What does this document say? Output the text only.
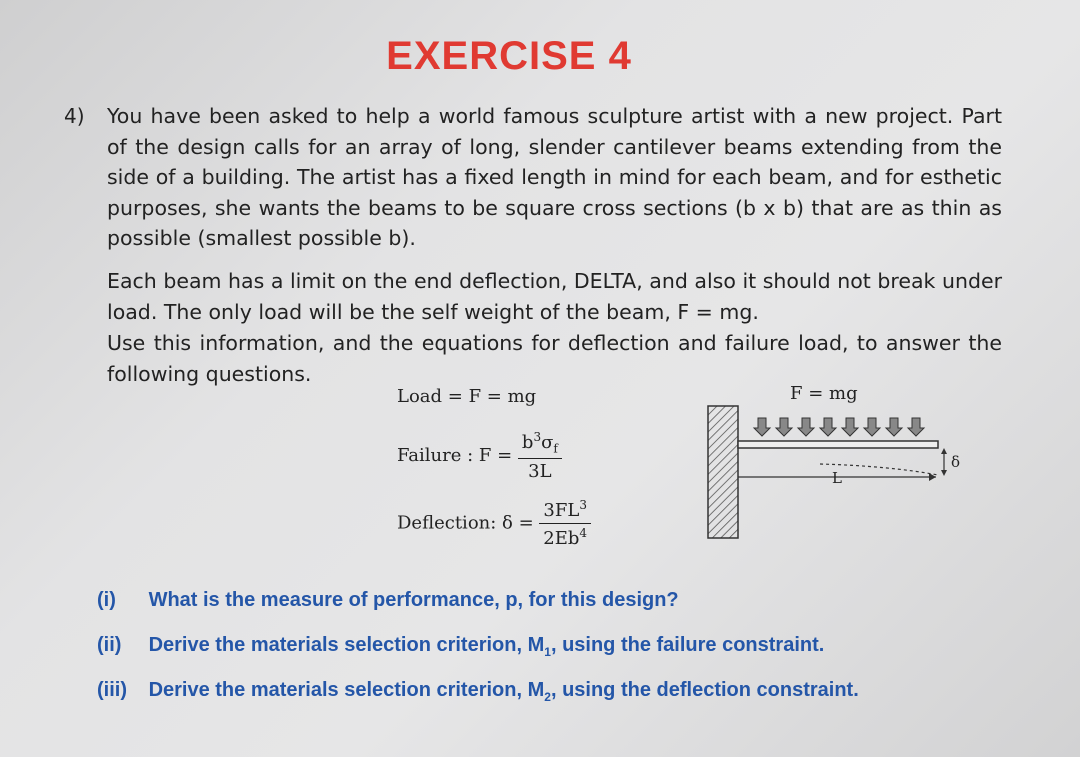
EXERCISE 4
4) You have been asked to help a world famous sculpture artist with a new project. Part of the design calls for an array of long, slender cantilever beams extending from the side of a building. The artist has a fixed length in mind for each beam, and for esthetic purposes, she wants the beams to be square cross sections (b x b) that are as thin as possible (smallest possible b).

Each beam has a limit on the end deflection, DELTA, and also it should not break under load. The only load will be the self weight of the beam, F = mg.

Use this information, and the equations for deflection and failure load, to answer the following questions.

Load = F = mg
Failure : $F = \frac{b^3\sigma_f}{3L}$
Deflection: $\delta = \frac{3FL^3}{2Eb^4}$
F = mg
L
δ
(i) What is the measure of performance, p, for this design?
(ii) Derive the materials selection criterion, $M_1$, using the failure constraint.
(iii) Derive the materials selection criterion, $M_2$, using the deflection constraint.
